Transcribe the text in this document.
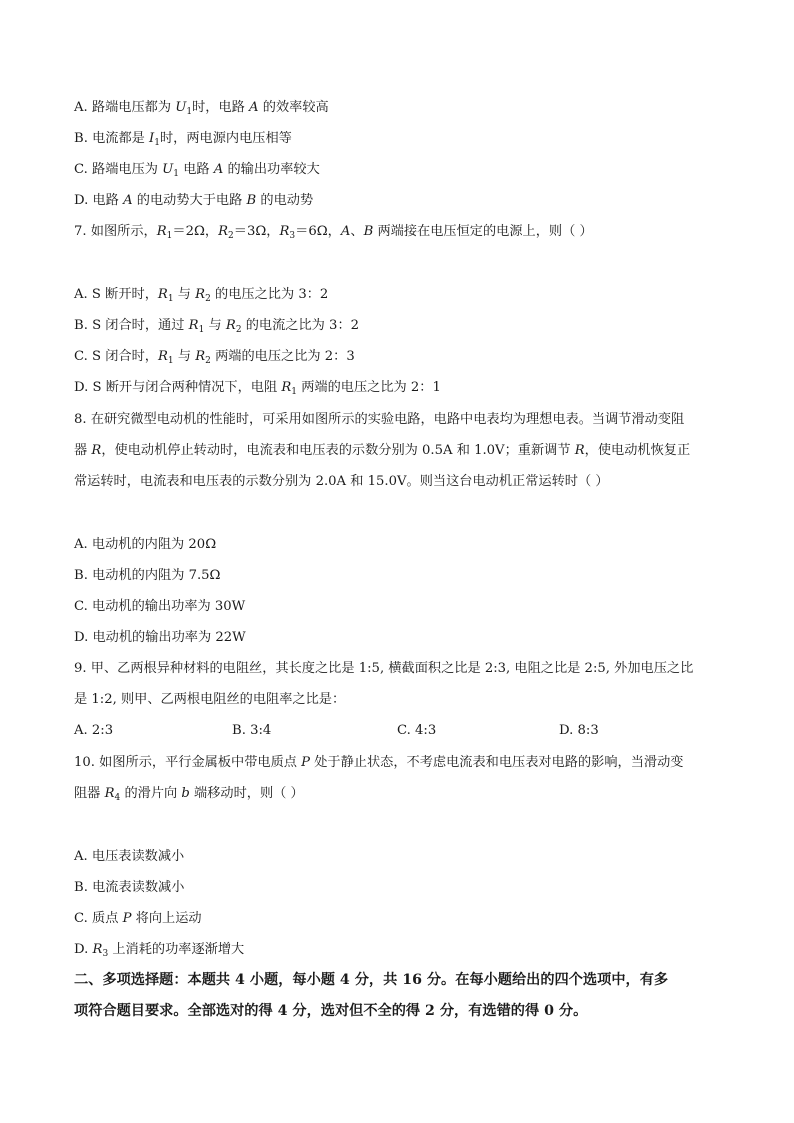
A. 路端电压都为 $U_1$时，电路 A 的效率较高
B. 电流都是 $I_1$时，两电源内电压相等
C. 路端电压为 $U_1$ 电路 A 的输出功率较大
D. 电路 A 的电动势大于电路 B 的电动势
7. 如图所示，$R_1=2\Omega$，$R_2=3\Omega$，$R_3=6\Omega$，A、B 两端接在电压恒定的电源上，则（ ）
A. S 断开时，$R_1$ 与 $R_2$ 的电压之比为 3：2
B. S 闭合时，通过 $R_1$ 与 $R_2$ 的电流之比为 3：2
C. S 闭合时，$R_1$ 与 $R_2$ 两端的电压之比为 2：3
D. S 断开与闭合两种情况下，电阻 $R_1$ 两端的电压之比为 2：1
8. 在研究微型电动机的性能时，可采用如图所示的实验电路，电路中电表均为理想电表。当调节滑动变阻
器 R，使电动机停止转动时，电流表和电压表的示数分别为 0.5A 和 1.0V；重新调节 R，使电动机恢复正
常运转时，电流表和电压表的示数分别为 2.0A 和 15.0V。则当这台电动机正常运转时（ ）
A. 电动机的内阻为 20Ω
B. 电动机的内阻为 7.5Ω
C. 电动机的输出功率为 30W
D. 电动机的输出功率为 22W
9. 甲、乙两根异种材料的电阻丝，其长度之比是 1:5, 横截面积之比是 2:3, 电阻之比是 2:5, 外加电压之比
是 1:2, 则甲、乙两根电阻丝的电阻率之比是：
A. 2:3	B. 3:4	C. 4:3	D. 8:3
10. 如图所示，平行金属板中带电质点 P 处于静止状态，不考虑电流表和电压表对电路的影响，当滑动变
阻器 $R_4$ 的滑片向 b 端移动时，则（ ）
A. 电压表读数减小
B. 电流表读数减小
C. 质点 P 将向上运动
D. $R_3$ 上消耗的功率逐渐增大
二、多项选择题：本题共 4 小题，每小题 4 分，共 16 分。在每小题给出的四个选项中，有多
项符合题目要求。全部选对的得 4 分，选对但不全的得 2 分，有选错的得 0 分。
